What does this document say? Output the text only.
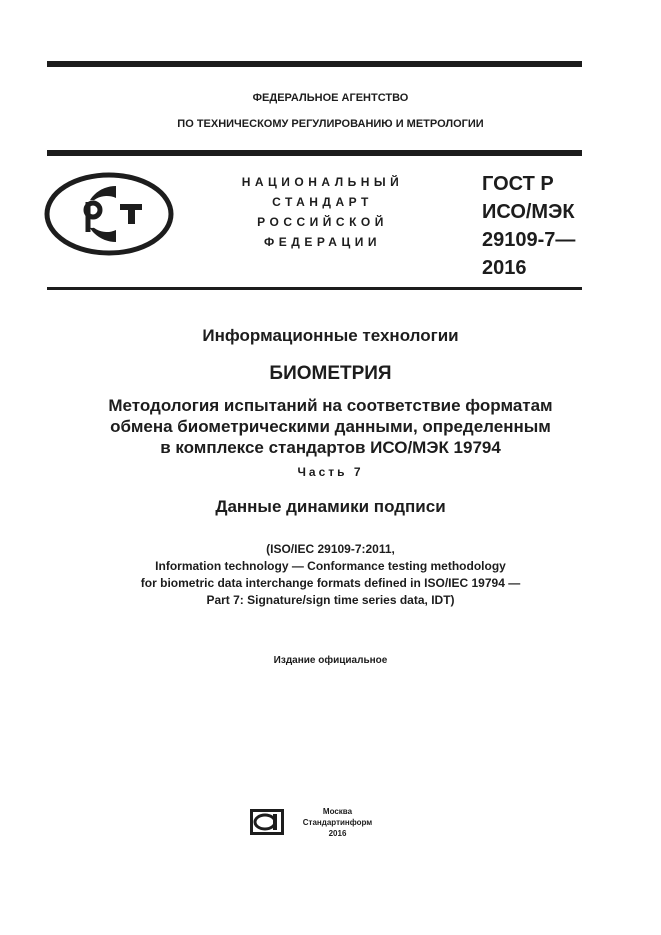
ФЕДЕРАЛЬНОЕ АГЕНТСТВО
ПО ТЕХНИЧЕСКОМУ РЕГУЛИРОВАНИЮ И МЕТРОЛОГИИ
НАЦИОНАЛЬНЫЙ
СТАНДАРТ
РОССИЙСКОЙ
ФЕДЕРАЦИИ
ГОСТ Р
ИСО/МЭК
29109-7—
2016
Информационные технологии
БИОМЕТРИЯ
Методология испытаний на соответствие форматам
обмена биометрическими данными, определенным
в комплексе стандартов ИСО/МЭК 19794
Часть 7
Данные динамики подписи
(ISO/IEC 29109-7:2011,
Information technology — Conformance testing methodology
for biometric data interchange formats defined in ISO/IEC 19794 —
Part 7: Signature/sign time series data, IDT)
Издание официальное
Москва
Стандартинформ
2016
